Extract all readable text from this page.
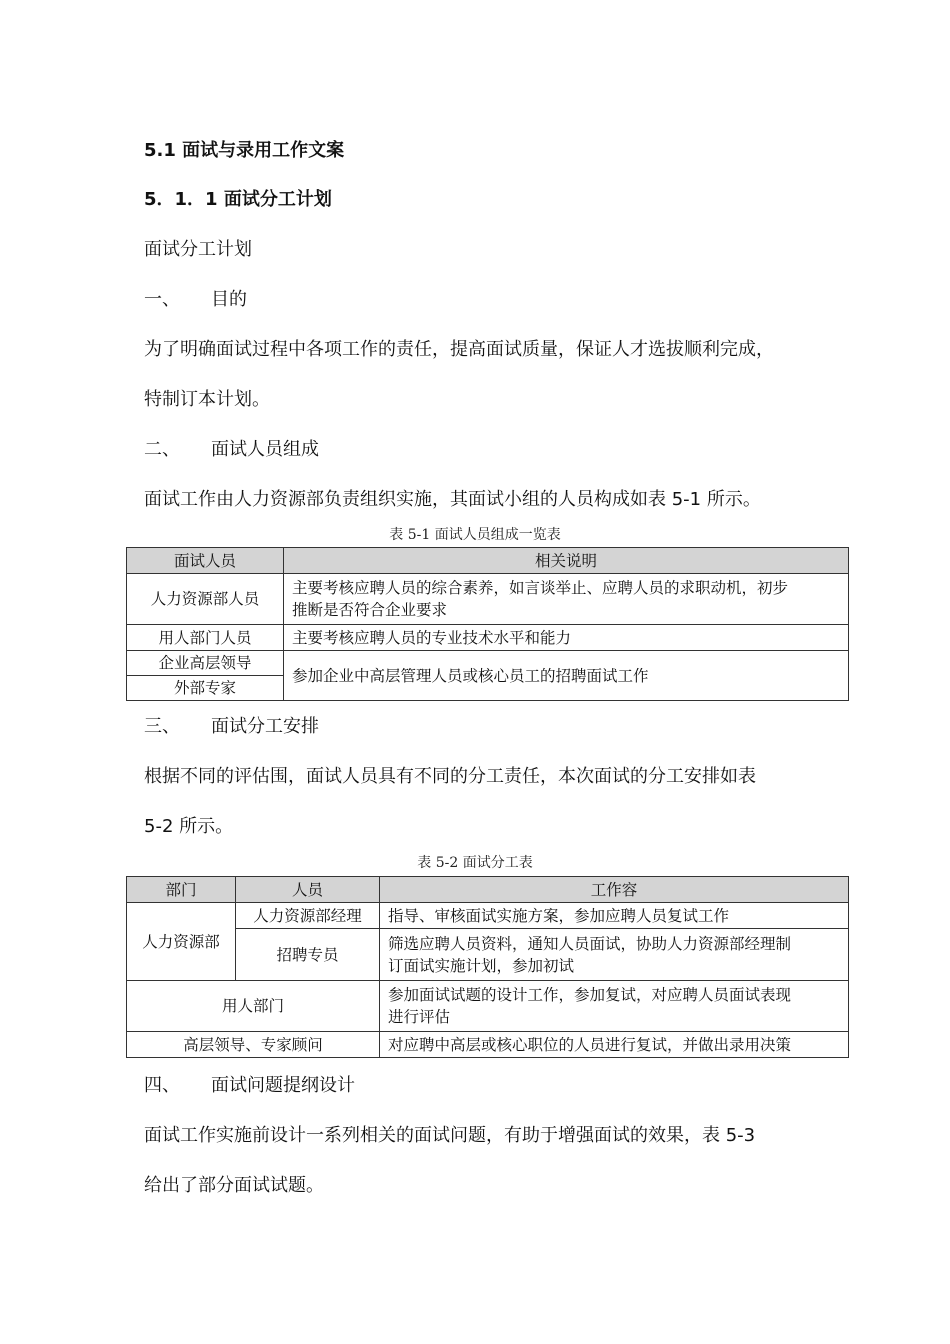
5.1 面试与录用工作文案
5．1．1 面试分工计划
面试分工计划
一、 目的
为了明确面试过程中各项工作的责任，提高面试质量，保证人才选拔顺利完成，
特制订本计划。
二、 面试人员组成
面试工作由人力资源部负责组织实施，其面试小组的人员构成如表 5-1 所示。
表 5-1 面试人员组成一览表
面试人员	相关说明
人力资源部人员	主要考核应聘人员的综合素养，如言谈举止、应聘人员的求职动机，初步
推断是否符合企业要求
用人部门人员	主要考核应聘人员的专业技术水平和能力
企业高层领导	参加企业中高层管理人员或核心员工的招聘面试工作
外部专家	
三、 面试分工安排
根据不同的评估围，面试人员具有不同的分工责任，本次面试的分工安排如表
5-2 所示。
表 5-2 面试分工表
部门	人员	工作容
人力资源部	人力资源部经理	指导、审核面试实施方案，参加应聘人员复试工作
	招聘专员	筛选应聘人员资料，通知人员面试，协助人力资源部经理制
订面试实施计划，参加初试
用人部门		参加面试试题的设计工作，参加复试，对应聘人员面试表现
进行评估
高层领导、专家顾问		对应聘中高层或核心职位的人员进行复试，并做出录用决策
四、 面试问题提纲设计
面试工作实施前设计一系列相关的面试问题，有助于增强面试的效果，表 5-3
给出了部分面试试题。
